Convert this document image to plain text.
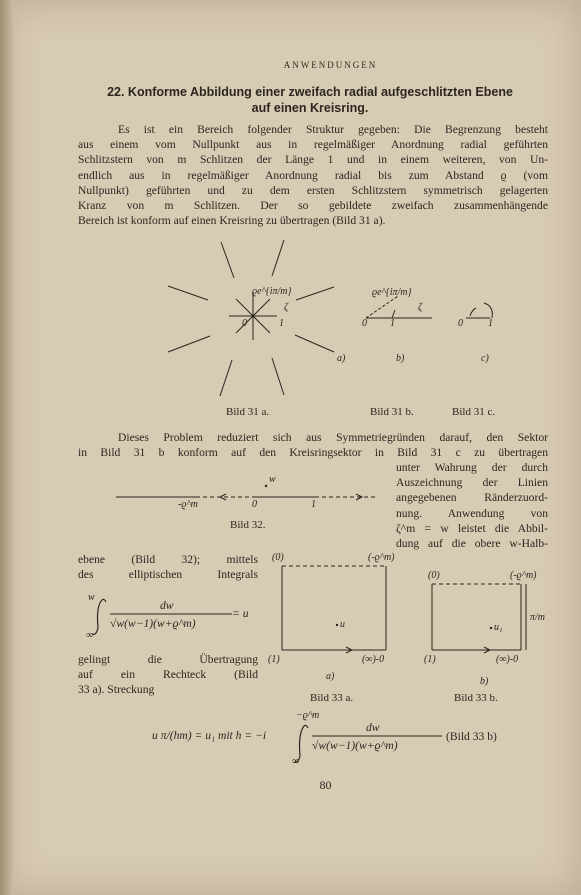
ANWENDUNGEN
22. Konforme Abbildung einer zweifach radial aufgeschlitzten Ebene
auf einen Kreisring.
Es ist ein Bereich folgender Struktur gegeben: Die Begrenzung besteht
aus einem vom Nullpunkt aus in regelmäßiger Anordnung radial geführten
Schlitzstern von m Schlitzen der Länge 1 und in einem weiteren, von Un-
endlich aus in regelmäßiger Anordnung radial bis zum Abstand ϱ (vom
Nullpunkt) geführten und zu dem ersten Schlitzstern symmetrisch gelagerten
Kranz von m Schlitzen. Der so gebildete zweifach zusammenhängende
Bereich ist konform auf einen Kreisring zu übertragen (Bild 31 a).
0	1
ϱe^{iπ/m}
ζ
a)
0 1
ϱe^{iπ/m}
ζ
b)
0	1
c)
Bild 31 a.	Bild 31 b.	Bild 31 c.
Dieses Problem reduziert sich aus Symmetriegründen darauf, den Sektor
in Bild 31 b konform auf den Kreisringsektor in Bild 31 c zu übertragen
unter Wahrung der durch
Auszeichnung der Linien
angegebenen Ränderzuord-
nung. Anwendung von
ζ^m = w leistet die Abbil-
dung auf die obere w-Halb-
w
-ϱ^m	0	1
Bild 32.
ebene (Bild 32); mittels
des elliptischen Integrals
w
∞
dw
√w(w−1)(w+ϱ^m)
= u
gelingt die Übertragung
auf ein Rechteck (Bild
33 a). Streckung
(0)	(-ϱ^m)
(1)	(∞)-0
u
a)
Bild 33 a.
(0)	(-ϱ^m)
(1)	(∞)-0
u₁
π/m
b)
Bild 33 b.
u π/(hm) = u₁ mit h = −i
−ϱ^m
∞
dw
√w(w−1)(w+ϱ^m)
(Bild 33 b)
80
